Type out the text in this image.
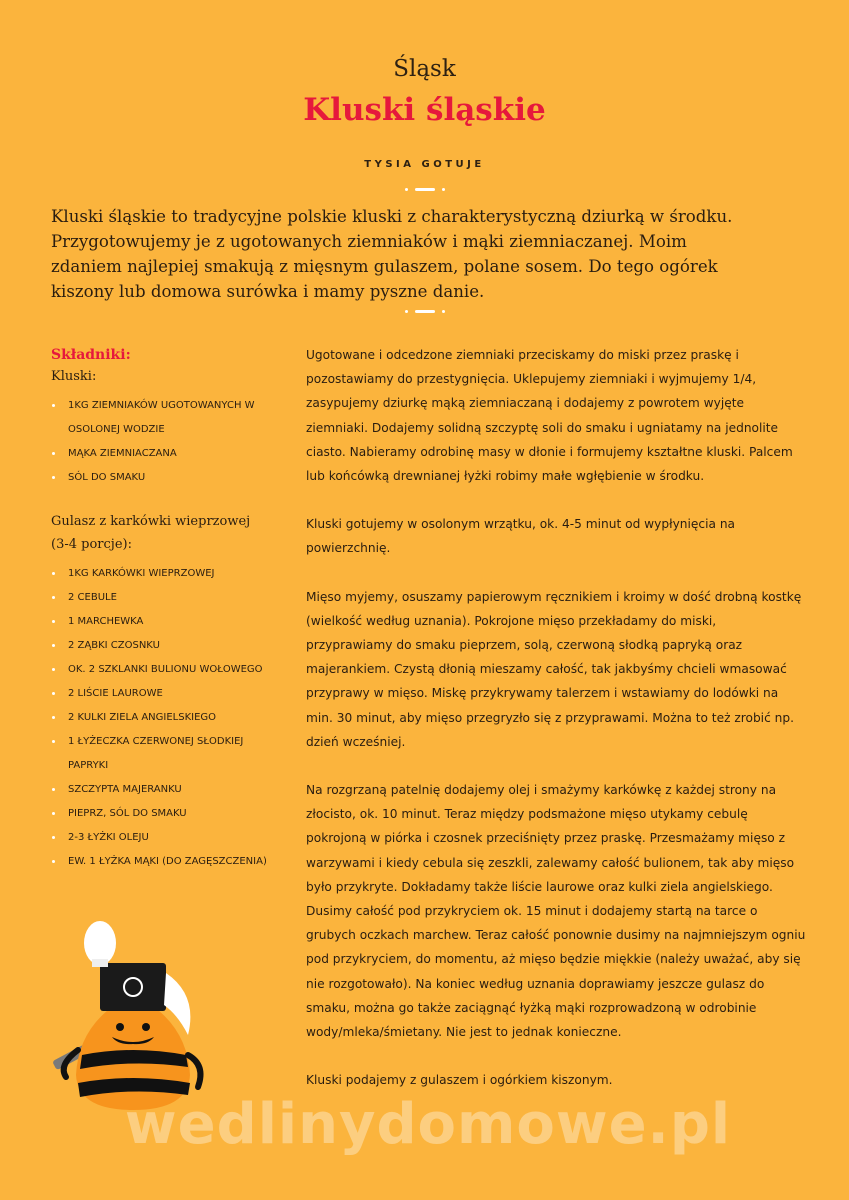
Śląsk
Kluski śląskie
TYSIA GOTUJE

Kluski śląskie to tradycyjne polskie kluski z charakterystyczną dziurką w środku. Przygotowujemy je z ugotowanych ziemniaków i mąki ziemniaczanej. Moim zdaniem najlepiej smakują z mięsnym gulaszem, polane sosem. Do tego ogórek kiszony lub domowa surówka i mamy pyszne danie.

Składniki:

Kluski:

1KG ZIEMNIAKÓW UGOTOWANYCH W OSOLONEJ WODZIE
MĄKA ZIEMNIACZANA
SÓL DO SMAKU

Gulasz z karkówki wieprzowej (3-4 porcje):

1KG KARKÓWKI WIEPRZOWEJ
2 CEBULE
1 MARCHEWKA
2 ZĄBKI CZOSNKU
OK. 2 SZKLANKI BULIONU WOŁOWEGO
2 LIŚCIE LAUROWE
2 KULKI ZIELA ANGIELSKIEGO
1 ŁYŻECZKA CZERWONEJ SŁODKIEJ PAPRYKI
SZCZYPTA MAJERANKU
PIEPRZ, SÓL DO SMAKU
2-3 ŁYŻKI OLEJU
EW. 1 ŁYŻKA MĄKI (DO ZAGĘSZCZENIA)

Ugotowane i odcedzone ziemniaki przeciskamy do miski przez praskę i pozostawiamy do przestygnięcia. Uklepujemy ziemniaki i wyjmujemy 1/4, zasypujemy dziurkę mąką ziemniaczaną i dodajemy z powrotem wyjęte ziemniaki. Dodajemy solidną szczyptę soli do smaku i ugniatamy na jednolite ciasto. Nabieramy odrobinę masy w dłonie i formujemy kształtne kluski. Palcem lub końcówką drewnianej łyżki robimy małe wgłębienie w środku.

Kluski gotujemy w osolonym wrzątku, ok. 4-5 minut od wypłynięcia na powierzchnię.

Mięso myjemy, osuszamy papierowym ręcznikiem i kroimy w dość drobną kostkę (wielkość według uznania). Pokrojone mięso przekładamy do miski, przyprawiamy do smaku pieprzem, solą, czerwoną słodką papryką oraz majerankiem. Czystą dłonią mieszamy całość, tak jakbyśmy chcieli wmasować przyprawy w mięso. Miskę przykrywamy talerzem i wstawiamy do lodówki na min. 30 minut, aby mięso przegryzło się z przyprawami. Można to też zrobić np. dzień wcześniej.

Na rozgrzaną patelnię dodajemy olej i smażymy karkówkę z każdej strony na złocisto, ok. 10 minut. Teraz między podsmażone mięso utykamy cebulę pokrojoną w piórka i czosnek przeciśnięty przez praskę. Przesmażamy mięso z warzywami i kiedy cebula się zeszkli, zalewamy całość bulionem, tak aby mięso było przykryte. Dokładamy także liście laurowe oraz kulki ziela angielskiego. Dusimy całość pod przykryciem ok. 15 minut i dodajemy startą na tarce o grubych oczkach marchew. Teraz całość ponownie dusimy na najmniejszym ogniu pod przykryciem, do momentu, aż mięso będzie miękkie (należy uważać, aby się nie rozgotowało). Na koniec według uznania doprawiamy jeszcze gulasz do smaku, można go także zaciągnąć łyżką mąki rozprowadzoną w odrobinie wody/mleka/śmietany. Nie jest to jednak konieczne.

Kluski podajemy z gulaszem i ogórkiem kiszonym.

wedlinydomowe.pl
